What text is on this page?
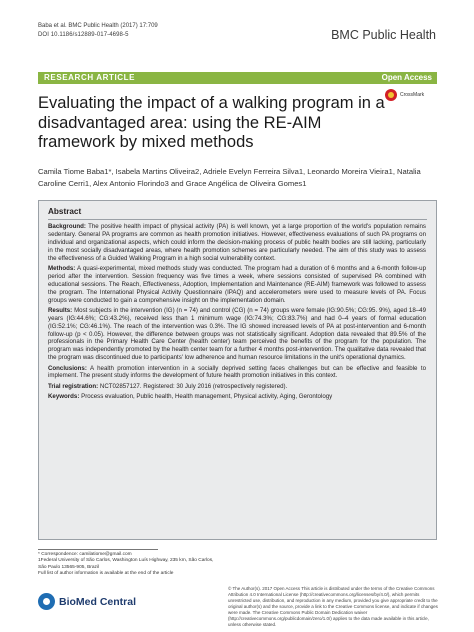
Baba et al. BMC Public Health (2017) 17:709
DOI 10.1186/s12889-017-4698-5	BMC Public Health
RESEARCH ARTICLE	Open Access
CrossMark
Evaluating the impact of a walking program in a disadvantaged area: using the RE-AIM framework by mixed methods
Camila Tiome Baba1*, Isabela Martins Oliveira2, Adriele Evelyn Ferreira Silva1, Leonardo Moreira Vieira1, Natalia Caroline Cerri1, Alex Antonio Florindo3 and Grace Angélica de Oliveira Gomes1
Abstract

Background: The positive health impact of physical activity (PA) is well known, yet a large proportion of the world's population remains sedentary. General PA programs are common as health promotion initiatives. However, effectiveness evaluations of such PA programs on individual and organizational aspects, which could inform the decision-making process of public health bodies are still lacking, particularly in the most socially disadvantaged areas, where health promotion schemes are particularly needed. The aim of this study was to assess the effectiveness of a Guided Walking Program in a high social vulnerability context.

Methods: A quasi-experimental, mixed methods study was conducted. The program had a duration of 6 months and a 6-month follow-up period after the intervention. Session frequency was five times a week, where sessions consisted of supervised PA combined with educational sessions. The Reach, Effectiveness, Adoption, Implementation and Maintenance (RE-AIM) framework was followed to assess the program. The International Physical Activity Questionnaire (IPAQ) and accelerometers were used to measure levels of PA. Focus groups were conducted to gain a comprehensive insight on the implementation domain.

Results: Most subjects in the intervention (IG) (n = 74) and control (CG) (n = 74) groups were female (IG:90.5%; CG:95. 9%), aged 18–49 years (IG:44.6%; CG:43.2%), received less than 1 minimum wage (IG:74.3%; CG:83.7%) and had 0–4 years of formal education (IG:52.1%; CG:46.1%). The reach of the intervention was 0.3%. The IG showed increased levels of PA at post-intervention and 6-month follow-up (p < 0.05). However, the difference between groups was not statistically significant. Adoption data revealed that 89.5% of the professionals in the Primary Health Care Center (health center) team perceived the benefits of the program for the population. The program was independently promoted by the health center team for a further 4 months post-intervention. The qualitative data revealed that the program was discontinued due to participants' low adherence and human resource limitations in the unit's operational dynamics.

Conclusions: A health promotion intervention in a socially deprived setting faces challenges but can be effective and feasible to implement. The present study informs the development of future health promotion initiatives in this context.

Trial registration: NCT02857127. Registered: 30 July 2016 (retrospectively registered).

Keywords: Process evaluation, Public health, Health management, Physical activity, Aging, Gerontology

* Correspondence: camilatiome@gmail.com
1Federal University of São Carlos, Washington Luís Highway, 235 km, São Carlos, São Paulo 13565-905, Brazil
Full list of author information is available at the end of the article
BioMed Central
© The Author(s). 2017 Open Access This article is distributed under the terms of the Creative Commons Attribution 4.0 International License (http://creativecommons.org/licenses/by/4.0/), which permits unrestricted use, distribution, and reproduction in any medium, provided you give appropriate credit to the original author(s) and the source, provide a link to the Creative Commons license, and indicate if changes were made. The Creative Commons Public Domain Dedication waiver (http://creativecommons.org/publicdomain/zero/1.0/) applies to the data made available in this article, unless otherwise stated.
